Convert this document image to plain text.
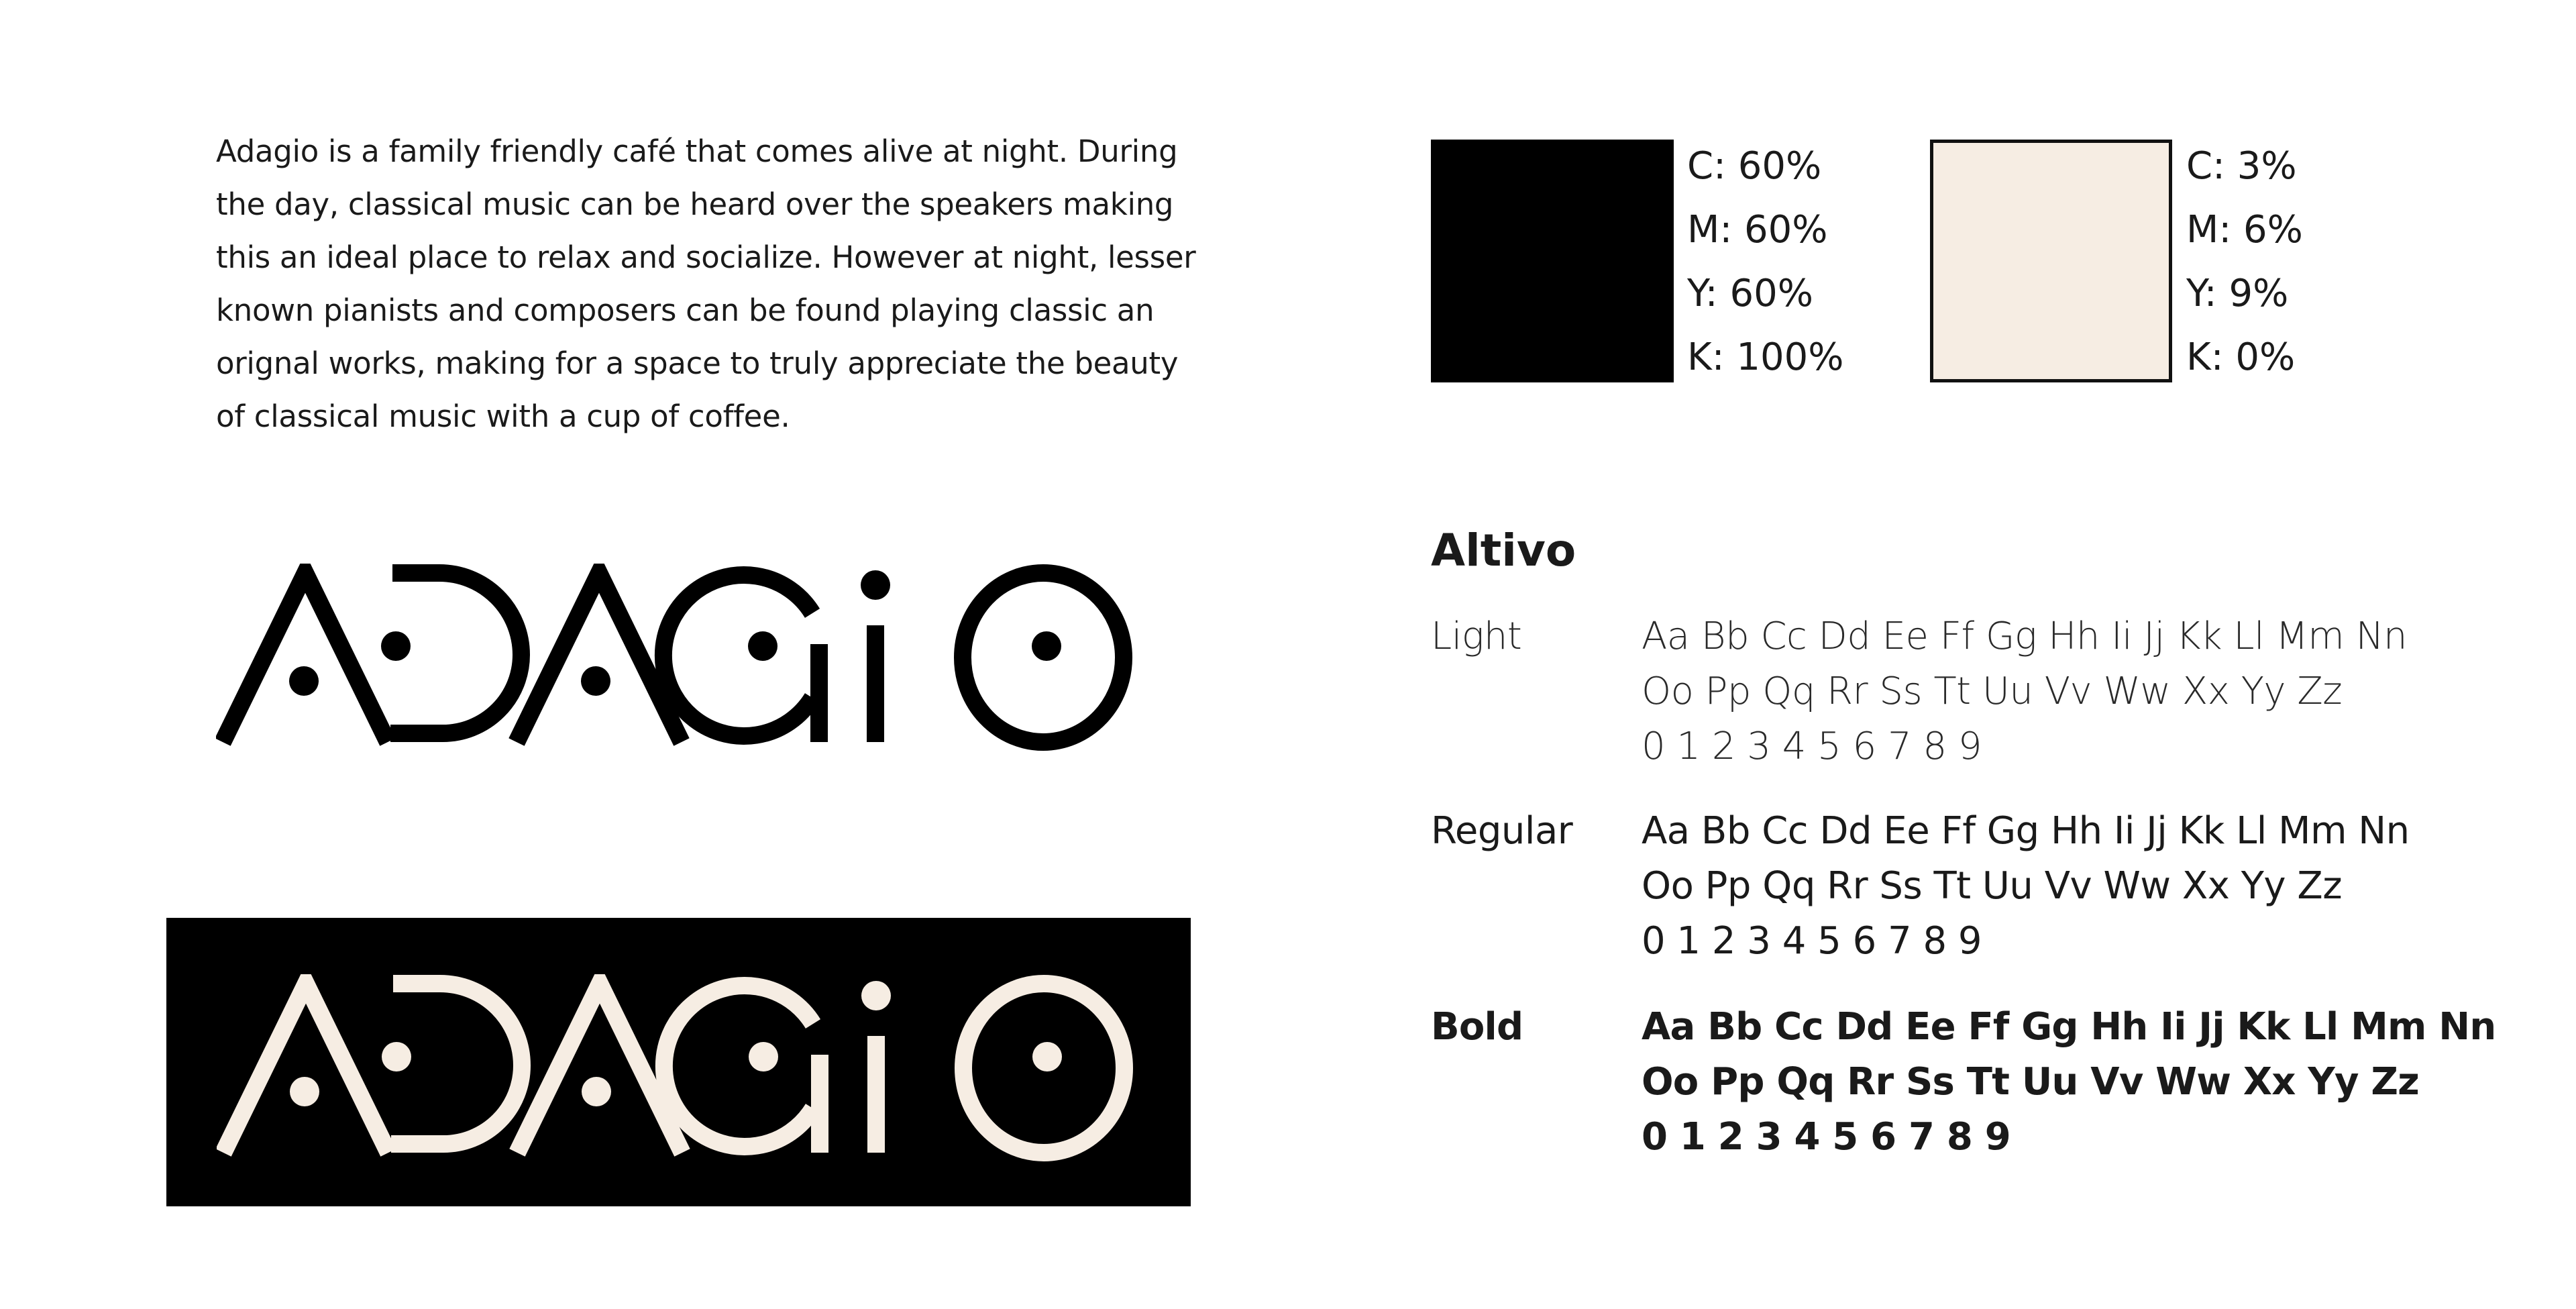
Adagio is a family friendly café that comes alive at night. During
the day, classical music can be heard over the speakers making
this an ideal place to relax and socialize. However at night, lesser
known pianists and composers can be found playing classic an
orignal works, making for a space to truly appreciate the beauty
of classical music with a cup of coffee.
C: 60%
M: 60%
Y: 60%
K: 100%
C: 3%
M: 6%
Y: 9%
K: 0%
Altivo
Light	Aa Bb Cc Dd Ee Ff Gg Hh Ii Jj Kk Ll Mm Nn
Oo Pp Qq Rr Ss Tt Uu Vv Ww Xx Yy Zz
0 1 2 3 4 5 6 7 8 9
Regular Aa Bb Cc Dd Ee Ff Gg Hh Ii Jj Kk Ll Mm Nn
Oo Pp Qq Rr Ss Tt Uu Vv Ww Xx Yy Zz
0 1 2 3 4 5 6 7 8 9
Bold	Aa Bb Cc Dd Ee Ff Gg Hh Ii Jj Kk Ll Mm Nn
Oo Pp Qq Rr Ss Tt Uu Vv Ww Xx Yy Zz
0 1 2 3 4 5 6 7 8 9
